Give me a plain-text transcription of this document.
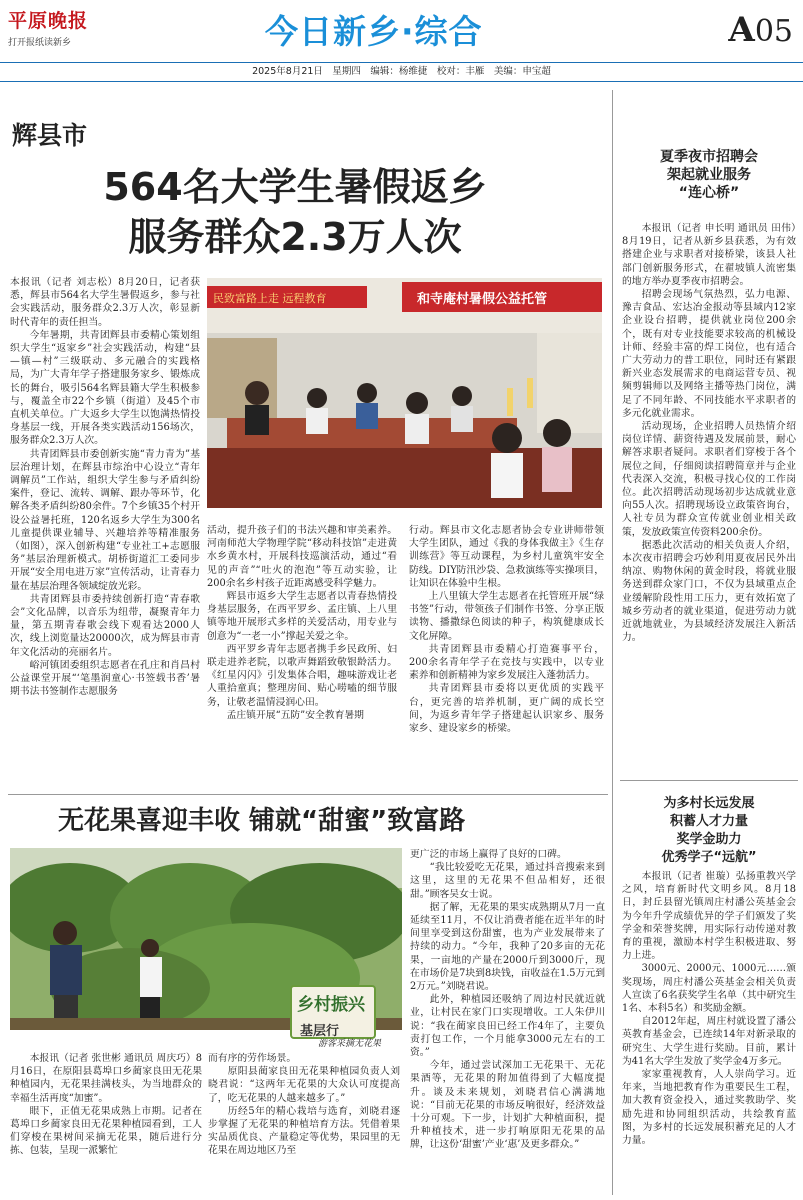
平原晚报
打开报纸读新乡	今日新乡·综合	A05
2025年8月21日　星期四　编辑：杨维捷　校对：丰雁　美编：申宝超
辉县市
564名大学生暑假返乡
服务群众2.3万人次
民致富路上走 远程教育	和寺庵村暑假公益托管

本报讯（记者 刘志松）8月20日，记者获悉，辉县市564名大学生暑假返乡，参与社会实践活动，服务群众2.3万人次，彰显新时代青年的责任担当。

今年暑期，共青团辉县市委精心策划组织大学生“返家乡”社会实践活动，构建“县—镇—村”三级联动、多元融合的实践格局，为广大青年学子搭建服务家乡、锻炼成长的舞台，吸引564名辉县籍大学生积极参与，覆盖全市22个乡镇（街道）及45个市直机关单位。广大返乡大学生以饱满热情投身基层一线，开展各类实践活动156场次，服务群众2.3万人次。

共青团辉县市委创新实施“青力青为”基层治理计划，在辉县市综治中心设立“青年调解员”工作站，组织大学生参与矛盾纠纷案件，登记、流转、调解、跟办等环节，化解各类矛盾纠纷80余件。7个乡镇35个村开设公益暑托班，120名返乡大学生为300名儿童提供课业辅导、兴趣培养等精准服务（如图），深入创新构建“专业社工+志愿服务”基层治理新模式。胡桥街道汇工委同步开展“安全用电进万家”宣传活动，让青春力量在基层治理各领域绽放光彩。

共青团辉县市委持续创新打造“青春歌会”文化品牌，以音乐为纽带，凝聚青年力量，第五期青春歌会线下观看达2000人次，线上浏览量达20000次，成为辉县市青年文化活动的亮丽名片。

峪河镇团委组织志愿者在孔庄和肖昌村公益课堂开展“‘笔墨润童心·书签载书香’暑期书法书签制作志愿服务

活动，提升孩子们的书法兴趣和审美素养。河南师范大学物理学院“移动科技馆”走进黄水乡黄水村，开展科技巡演活动，通过“看见的声音”“吐火的泡泡”等互动实验，让200余名乡村孩子近距离感受科学魅力。

辉县市返乡大学生志愿者以青春热情投身基层服务，在西平罗乡、孟庄镇、上八里镇等地开展形式多样的关爱活动，用专业与创意为“一老一小”撑起关爱之伞。

西平罗乡青年志愿者携手乡民政所、妇联走进养老院，以歌声舞蹈致敬银龄活力。《红星闪闪》引发集体合唱，趣味游戏让老人重拾童真；整理房间、贴心唠嗑的细节服务，让敬老温情浸润心田。

孟庄镇开展“五防”安全教育暑期

行动。辉县市文化志愿者协会专业讲师带领大学生团队，通过《我的身体我做主》《生存训练营》等互动课程，为乡村儿童筑牢安全防线。DIY防汛沙袋、急救演练等实操项目，让知识在体验中生根。

上八里镇大学生志愿者在托管班开展“绿书签”行动，带领孩子们制作书签、分享正版读物、播撒绿色阅读的种子，构筑健康成长文化屏障。

共青团辉县市委精心打造赛事平台，200余名青年学子在竞技与实践中，以专业素养和创新精神为家乡发展注入蓬勃活力。

共青团辉县市委将以更优质的实践平台，更完善的培养机制，更广阔的成长空间，为返乡青年学子搭建起认识家乡、服务家乡、建设家乡的桥梁。

夏季夜市招聘会
架起就业服务
“连心桥”

本报讯（记者 申长明 通讯员 田伟）8月19日，记者从新乡县获悉，为有效搭建企业与求职者对接桥梁，该县人社部门创新服务形式，在翟坡镇人流密集的地方举办夏季夜市招聘会。

招聘会现场气氛热烈，弘力电源、豫吉食品、宏达冶金报动等县域内12家企业设台招聘，提供就业岗位200余个，既有对专业技能要求较高的机械设计师、经验丰富的焊工岗位，也有适合广大劳动力的普工职位，同时还有紧跟新兴业态发展需求的电商运营专员、视频剪辑师以及网络主播等热门岗位，满足了不同年龄、不同技能水平求职者的多元化就业需求。

活动现场，企业招聘人员热情介绍岗位详情、薪资待遇及发展前景，耐心解答求职者疑问。求职者们穿梭于各个展位之间，仔细阅读招聘简章并与企业代表深入交流，积极寻找心仪的工作岗位。此次招聘活动现场初步达成就业意向55人次。招聘现场设立政策咨询台，人社专员为群众宣传就业创业相关政策，发放政策宣传资料200余份。

据悉此次活动的相关负责人介绍，本次夜市招聘会巧妙利用夏夜居民外出纳凉、购物休闲的黄金时段，将就业服务送到群众家门口，不仅为县域重点企业缓解阶段性用工压力，更有效拓宽了城乡劳动者的就业渠道，促进劳动力就近就地就业，为县域经济发展注入新活力。

为多村长远发展
积蓄人才力量
奖学金助力
优秀学子“远航”

本报讯（记者 崔璇）弘扬重教兴学之风，培育新时代文明乡风。8月18日，封丘县留光镇周庄村潘公英基金会为今年升学成绩优异的学子们颁发了奖学金和荣誉奖牌，用实际行动传递对教育的重视，激励本村学生积极进取、努力上进。

3000元、2000元、1000元……颁奖现场，周庄村潘公英基金会相关负责人宣读了6名获奖学生名单（其中研究生1名、本科5名）和奖励金额。

自2012年起，周庄村就设置了潘公英教育基金会，已连续14年对新录取的研究生、大学生进行奖励。目前，累计为41名大学生发放了奖学金4万多元。

家家重视教育，人人崇尚学习。近年来，当地把教育作为重要民生工程，加大教育资金投入，通过奖教助学、奖励先进和协同组织活动，共绘教育蓝图，为多村的长远发展积蓄充足的人才力量。

无花果喜迎丰收 铺就“甜蜜”致富路
乡村振兴
基层行
游客采摘无花果

本报讯（记者 张世彬 通讯员 周庆巧）8月16日，在原阳县葛埠口乡蔺家良田无花果种植园内，无花果挂满枝头，为当地群众的幸福生活再度“加蜜”。

眼下，正值无花果成熟上市期。记者在葛埠口乡蔺家良田无花果种植园看到，工人们穿梭在果树间采摘无花果，随后进行分拣、包装，呈现一派繁忙

而有序的劳作场景。

原阳县蔺家良田无花果种植园负责人刘晓君说：“这两年无花果的大众认可度提高了，吃无花果的人越来越多了。”

历经5年的精心栽培与选育，刘晓君逐步掌握了无花果的种植培育方法。凭借着果实品质优良、产量稳定等优势，果园里的无花果在周边地区乃至

更广泛的市场上赢得了良好的口碑。

“我比较爱吃无花果，通过抖音搜索来到这里，这里的无花果不但品相好，还很甜。”顾客吴女士说。

据了解，无花果的果实成熟期从7月一直延续至11月，不仅让消费者能在近半年的时间里享受到这份甜蜜，也为产业发展带来了持续的动力。“今年，我种了20多亩的无花果，一亩地的产量在2000斤到3000斤，现在市场价是7块到8块钱，亩收益在1.5万元到2万元。”刘晓君说。

此外，种植园还吸纳了周边村民就近就业，让村民在家门口实现增收。工人朱伊川说：“我在蔺家良田已经工作4年了，主要负责打包工作，一个月能拿3000元左右的工资。”

今年，通过尝试深加工无花果干、无花果酒等，无花果的附加值得到了大幅度提升。谈及未来规划，刘晓君信心满满地说：“目前无花果的市场反响很好，经济效益十分可观。下一步，计划扩大种植面积，提升种植技术，进一步打响原阳无花果的品牌，让这份‘甜蜜’产业‘惠’及更多群众。”
